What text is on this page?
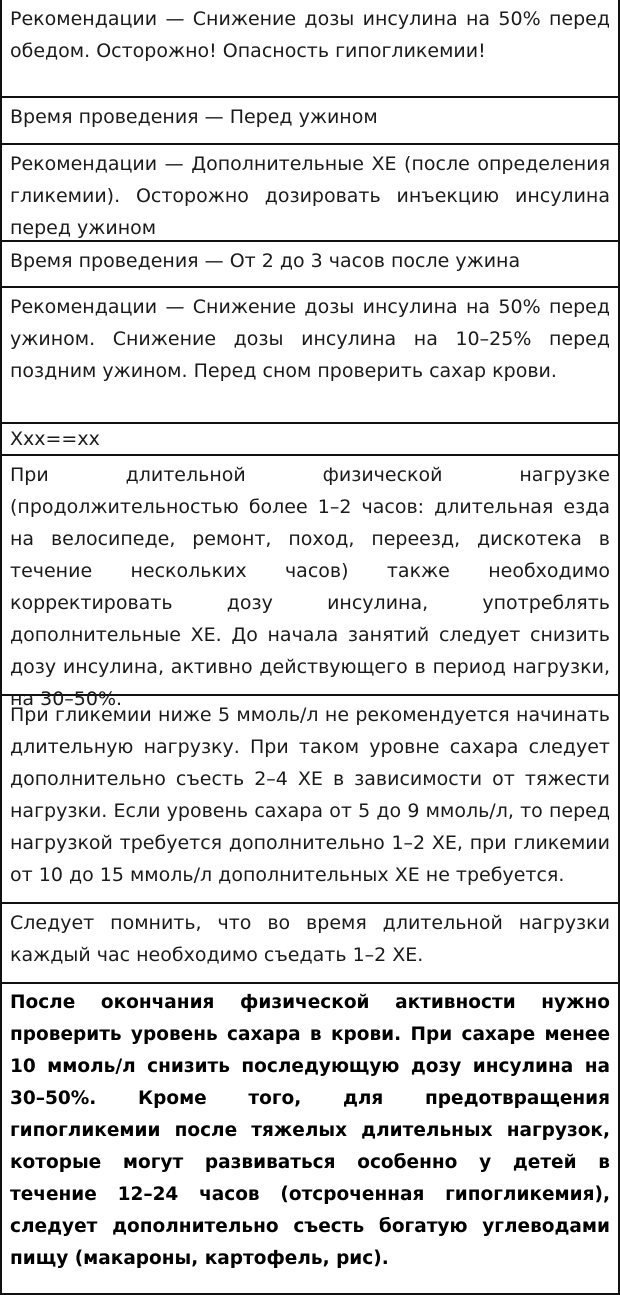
Рекомендации — Снижение дозы инсулина на 50% перед обедом. Осторожно! Опасность гипогликемии!
Время проведения — Перед ужином
Рекомендации — Дополнительные ХЕ (после определения гликемии). Осторожно дозировать инъекцию инсулина перед ужином
Время проведения — От 2 до 3 часов после ужина
Рекомендации — Снижение дозы инсулина на 50% перед ужином. Снижение дозы инсулина на 10–25% перед поздним ужином. Перед сном проверить сахар крови.
Xxx==xx
При длительной физической нагрузке (продолжительностью более 1–2 часов: длительная езда на велосипеде, ремонт, поход, переезд, дискотека в течение нескольких часов) также необходимо корректировать дозу инсулина, употреблять дополнительные ХЕ. До начала занятий следует снизить дозу инсулина, активно действующего в период нагрузки, на 30–50%.
При гликемии ниже 5 ммоль/л не рекомендуется начинать длительную нагрузку. При таком уровне сахара следует дополнительно съесть 2–4 ХЕ в зависимости от тяжести нагрузки. Если уровень сахара от 5 до 9 ммоль/л, то перед нагрузкой требуется дополнительно 1–2 ХЕ, при гликемии от 10 до 15 ммоль/л дополнительных ХЕ не требуется.
Следует помнить, что во время длительной нагрузки каждый час необходимо съедать 1–2 ХЕ.
После окончания физической активности нужно проверить уровень сахара в крови. При сахаре менее 10 ммоль/л снизить последующую дозу инсулина на 30–50%. Кроме того, для предотвращения гипогликемии после тяжелых длительных нагрузок, которые могут развиваться особенно у детей в течение 12–24 часов (отсроченная гипогликемия), следует дополнительно съесть богатую углеводами пищу (макароны, картофель, рис).
